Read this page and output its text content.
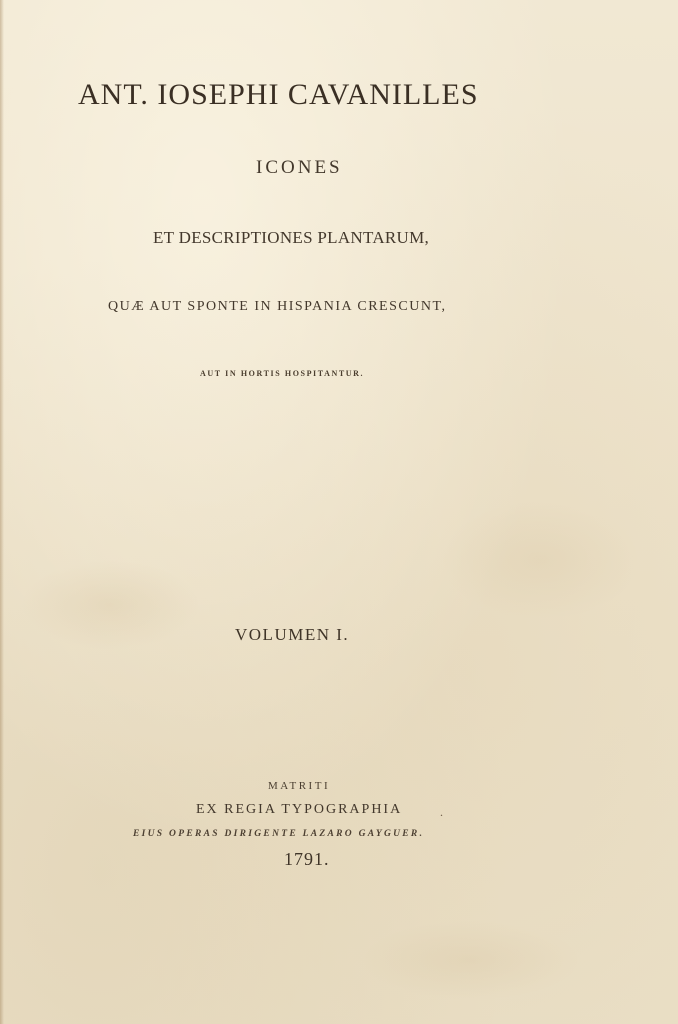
ANT. IOSEPHI CAVANILLES

ICONES

ET DESCRIPTIONES PLANTARUM,

QUÆ AUT SPONTE IN HISPANIA CRESCUNT,

AUT IN HORTIS HOSPITANTUR.

VOLUMEN I.

MATRITI

EX REGIA TYPOGRAPHIA	.

EIUS OPERAS DIRIGENTE LAZARO GAYGUER.

1791.
